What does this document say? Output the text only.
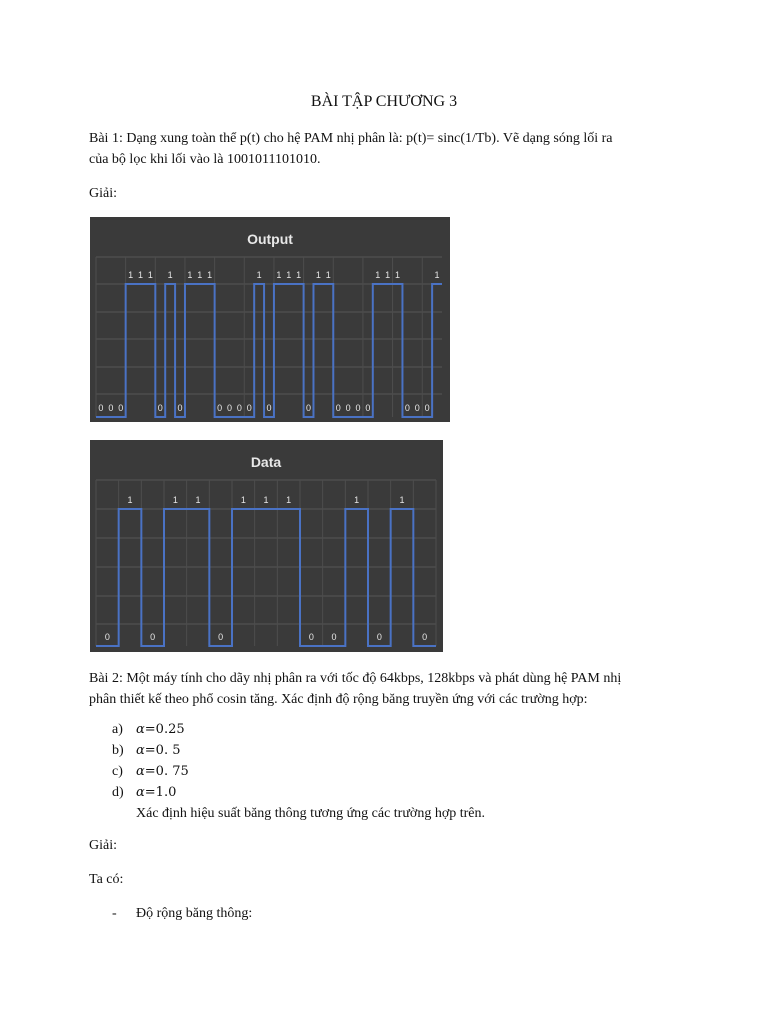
BÀI TẬP CHƯƠNG 3
Bài 1: Dạng xung toàn thể p(t) cho hệ PAM nhị phân là: p(t)= sinc(1/Tb). Vẽ dạng sóng lối ra
của bộ lọc khi lối vào là 1001011101010.
Giải:
Output
0 0 0
1 1 1
0
1
0
1 1 1
0 0 0 0
1
0
1 1 1
0
1 1
0 0 0 0
1 1 1
0 0 0
1
Data
0
1
0
1 1
0
1 1 1
0 0
1
0
1
0
Bài 2: Một máy tính cho dãy nhị phân ra với tốc độ 64kbps, 128kbps và phát dùng hệ PAM nhị
phân thiết kế theo phổ cosin tăng. Xác định độ rộng băng truyền ứng với các trường hợp:
a) α=0.25
b) α=0. 5
c) α=0. 75
d) α=1.0
Xác định hiệu suất băng thông tương ứng các trường hợp trên.
Giải:
Ta có:
- Độ rộng băng thông:
